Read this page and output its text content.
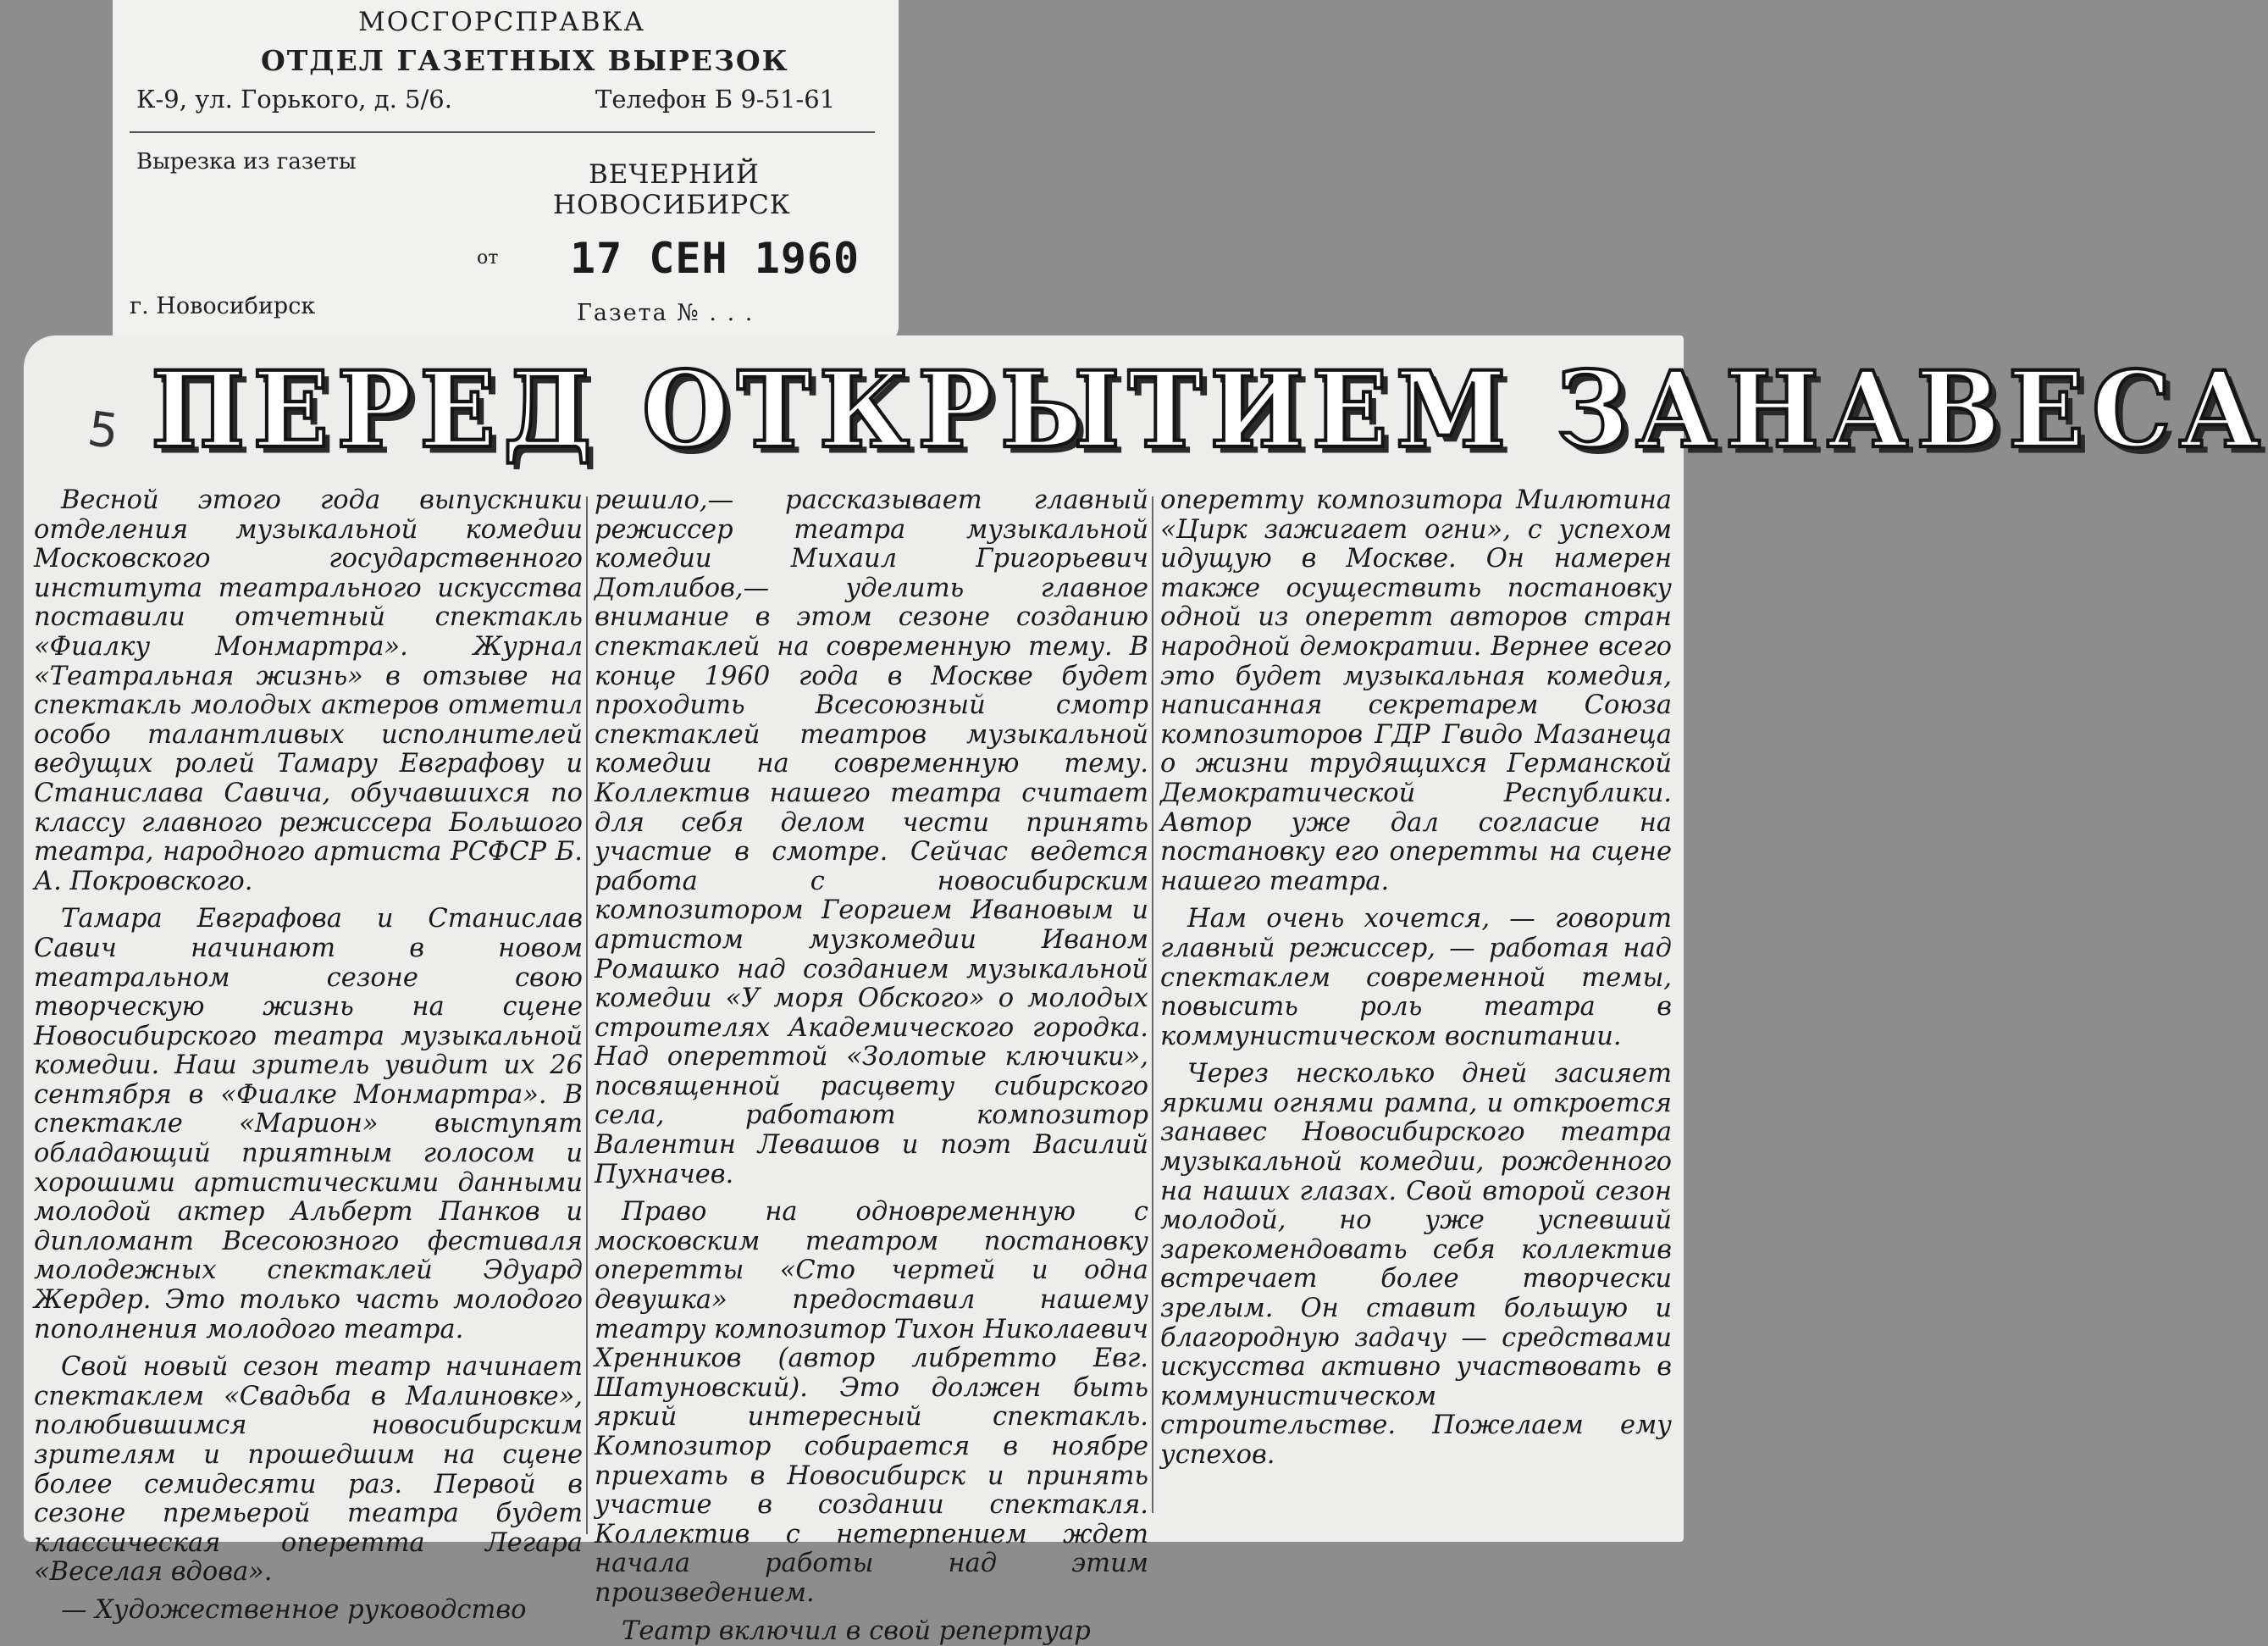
МОСГОРСПРАВКА
ОТДЕЛ ГАЗЕТНЫХ ВЫРЕЗОК
К-9, ул. Горького, д. 5/6.	Телефон Б 9-51-61
Вырезка из газеты	ВЕЧЕРНИЙ
НОВОСИБИРСК
от 17 СЕН 1960
г. Новосибирск	Газета № . . .
5 ПЕРЕД ОТКРЫТИЕМ ЗАНАВЕСА

Весной этого года выпускники отделения музыкальной комедии Московского государственного института театрального искусства поставили отчетный спектакль «Фиалку Монмартра». Журнал «Театральная жизнь» в отзыве на спектакль молодых актеров отметил особо талантливых исполнителей ведущих ролей Тамару Евграфову и Станислава Савича, обучавшихся по классу главного режиссера Большого театра, народного артиста РСФСР Б. А. Покровского.

Тамара Евграфова и Станислав Савич начинают в новом театральном сезоне свою творческую жизнь на сцене Новосибирского театра музыкальной комедии. Наш зритель увидит их 26 сентября в «Фиалке Монмартра». В спектакле «Марион» выступят обладающий приятным голосом и хорошими артистическими данными молодой актер Альберт Панков и дипломант Всесоюзного фестиваля молодежных спектаклей Эдуард Жердер. Это только часть молодого пополнения молодого театра.

Свой новый сезон театр начинает спектаклем «Свадьба в Малиновке», полюбившимся новосибирским зрителям и прошедшим на сцене более семидесяти раз. Первой в сезоне премьерой театра будет классическая оперетта Легара «Веселая вдова».

— Художественное руководство

решило,— рассказывает главный режиссер театра музыкальной комедии Михаил Григорьевич Дотлибов,— уделить главное внимание в этом сезоне созданию спектаклей на современную тему. В конце 1960 года в Москве будет проходить Всесоюзный смотр спектаклей театров музыкальной комедии на современную тему. Коллектив нашего театра считает для себя делом чести принять участие в смотре. Сейчас ведется работа с новосибирским композитором Георгием Ивановым и артистом музкомедии Иваном Ромашко над созданием музыкальной комедии «У моря Обского» о молодых строителях Академического городка. Над опереттой «Золотые ключики», посвященной расцвету сибирского села, работают композитор Валентин Левашов и поэт Василий Пухначев.

Право на одновременную с московским театром постановку оперетты «Сто чертей и одна девушка» предоставил нашему театру композитор Тихон Николаевич Хренников (автор либретто Евг. Шатуновский). Это должен быть яркий интересный спектакль. Композитор собирается в ноябре приехать в Новосибирск и принять участие в создании спектакля. Коллектив с нетерпением ждет начала работы над этим произведением.

Театр включил в свой репертуар

оперетту композитора Милютина «Цирк зажигает огни», с успехом идущую в Москве. Он намерен также осуществить постановку одной из оперетт авторов стран народной демократии. Вернее всего это будет музыкальная комедия, написанная секретарем Союза композиторов ГДР Гвидо Мазанеца о жизни трудящихся Германской Демократической Республики. Автор уже дал согласие на постановку его оперетты на сцене нашего театра.

Нам очень хочется, — говорит главный режиссер, — работая над спектаклем современной темы, повысить роль театра в коммунистическом воспитании.

Через несколько дней засияет яркими огнями рампа, и откроется занавес Новосибирского театра музыкальной комедии, рожденного на наших глазах. Свой второй сезон молодой, но уже успевший зарекомендовать себя коллектив встречает более творчески зрелым. Он ставит большую и благородную задачу — средствами искусства активно участвовать в коммунистическом строительстве. Пожелаем ему успехов.
